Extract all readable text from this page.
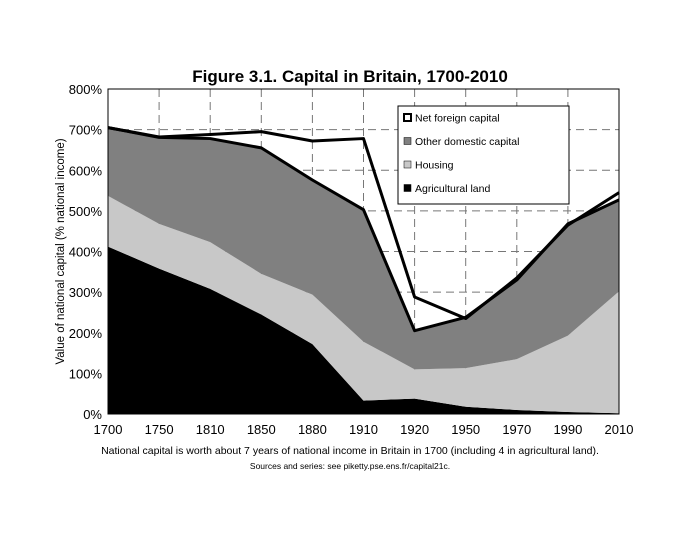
Figure 3.1. Capital in Britain, 1700-2010
0%
100%
200%
300%
400%
500%
600%
700%
800%
1700 1750 1810 1850 1880 1910 1920 1950 1970 1990 2010
Value of national capital (% national income)
Net foreign capital
Other domestic capital
Housing
Agricultural land
National capital is worth about 7 years of national income in Britain in 1700 (including 4 in agricultural land).
Sources and series: see piketty.pse.ens.fr/capital21c.
